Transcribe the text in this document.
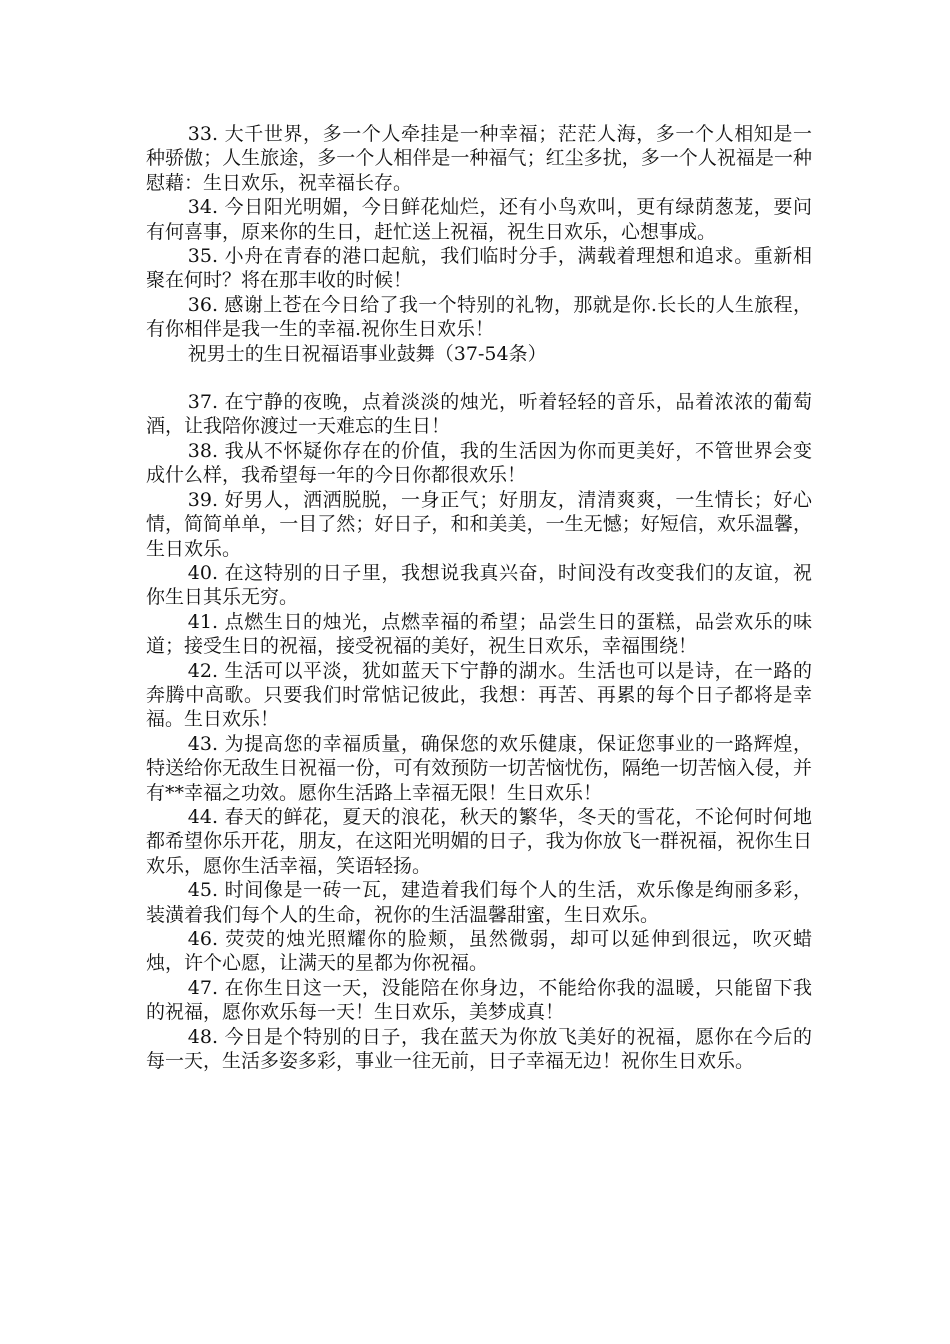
33. 大千世界，多一个人牵挂是一种幸福；茫茫人海，多一个人相知是一种骄傲；人生旅途，多一个人相伴是一种福气；红尘多扰，多一个人祝福是一种慰藉：生日欢乐，祝幸福长存。

34. 今日阳光明媚，今日鲜花灿烂，还有小鸟欢叫，更有绿荫葱茏，要问有何喜事，原来你的生日，赶忙送上祝福，祝生日欢乐，心想事成。

35. 小舟在青春的港口起航，我们临时分手，满载着理想和追求。重新相聚在何时？将在那丰收的时候！

36. 感谢上苍在今日给了我一个特别的礼物，那就是你.长长的人生旅程，有你相伴是我一生的幸福.祝你生日欢乐！

祝男士的生日祝福语事业鼓舞（37-54条）

37. 在宁静的夜晚，点着淡淡的烛光，听着轻轻的音乐，品着浓浓的葡萄酒，让我陪你渡过一天难忘的生日！

38. 我从不怀疑你存在的价值，我的生活因为你而更美好，不管世界会变成什么样，我希望每一年的今日你都很欢乐！

39. 好男人，洒洒脱脱，一身正气；好朋友，清清爽爽，一生情长；好心情，简简单单，一目了然；好日子，和和美美，一生无憾；好短信，欢乐温馨，生日欢乐。

40. 在这特别的日子里，我想说我真兴奋，时间没有改变我们的友谊，祝你生日其乐无穷。

41. 点燃生日的烛光，点燃幸福的希望；品尝生日的蛋糕，品尝欢乐的味道；接受生日的祝福，接受祝福的美好，祝生日欢乐，幸福围绕！

42. 生活可以平淡，犹如蓝天下宁静的湖水。生活也可以是诗，在一路的奔腾中高歌。只要我们时常惦记彼此，我想：再苦、再累的每个日子都将是幸福。生日欢乐！

43. 为提高您的幸福质量，确保您的欢乐健康，保证您事业的一路辉煌，特送给你无敌生日祝福一份，可有效预防一切苦恼忧伤，隔绝一切苦恼入侵，并有**幸福之功效。愿你生活路上幸福无限！生日欢乐！

44. 春天的鲜花，夏天的浪花，秋天的繁华，冬天的雪花，不论何时何地都希望你乐开花，朋友，在这阳光明媚的日子，我为你放飞一群祝福，祝你生日欢乐，愿你生活幸福，笑语轻扬。

45. 时间像是一砖一瓦，建造着我们每个人的生活，欢乐像是绚丽多彩，装潢着我们每个人的生命，祝你的生活温馨甜蜜，生日欢乐。

46. 荧荧的烛光照耀你的脸颊，虽然微弱，却可以延伸到很远，吹灭蜡烛，许个心愿，让满天的星都为你祝福。

47. 在你生日这一天，没能陪在你身边，不能给你我的温暖，只能留下我的祝福，愿你欢乐每一天！生日欢乐，美梦成真！

48. 今日是个特别的日子，我在蓝天为你放飞美好的祝福，愿你在今后的每一天，生活多姿多彩，事业一往无前，日子幸福无边！祝你生日欢乐。
